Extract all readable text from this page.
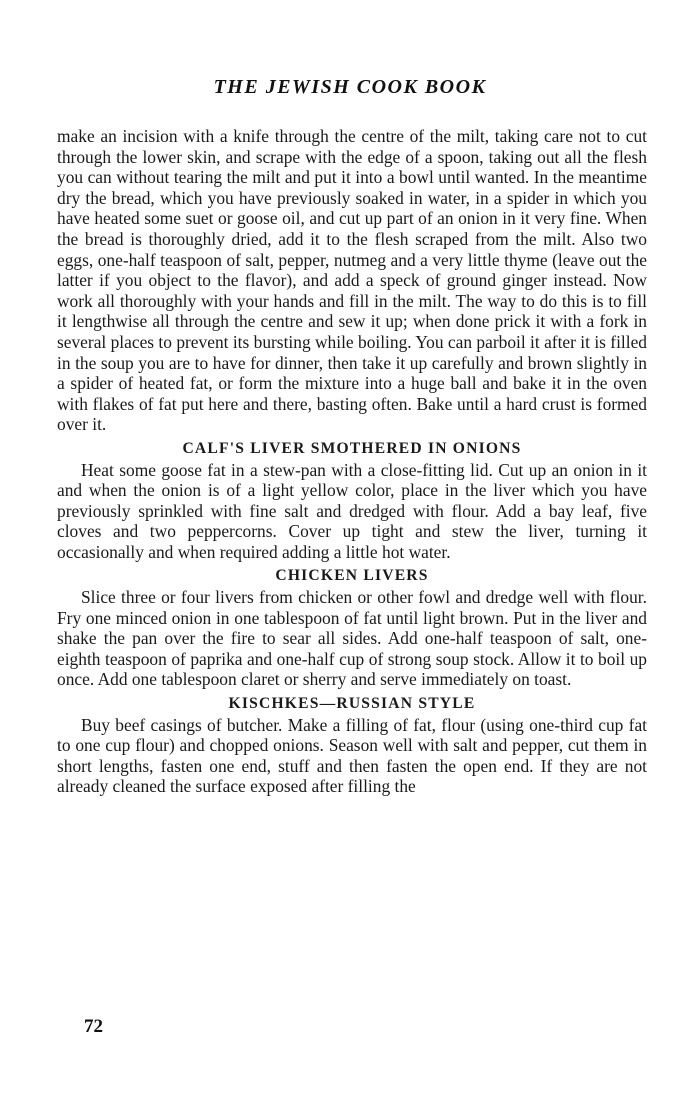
THE JEWISH COOK BOOK

make an incision with a knife through the centre of the milt, taking care not to cut through the lower skin, and scrape with the edge of a spoon, taking out all the flesh you can without tearing the milt and put it into a bowl until wanted. In the meantime dry the bread, which you have previously soaked in water, in a spider in which you have heated some suet or goose oil, and cut up part of an onion in it very fine. When the bread is thoroughly dried, add it to the flesh scraped from the milt. Also two eggs, one-half teaspoon of salt, pepper, nutmeg and a very little thyme (leave out the latter if you object to the flavor), and add a speck of ground ginger instead. Now work all thoroughly with your hands and fill in the milt. The way to do this is to fill it lengthwise all through the centre and sew it up; when done prick it with a fork in several places to prevent its bursting while boiling. You can parboil it after it is filled in the soup you are to have for dinner, then take it up carefully and brown slightly in a spider of heated fat, or form the mixture into a huge ball and bake it in the oven with flakes of fat put here and there, basting often. Bake until a hard crust is formed over it.

CALF'S LIVER SMOTHERED IN ONIONS

Heat some goose fat in a stew-pan with a close-fitting lid. Cut up an onion in it and when the onion is of a light yellow color, place in the liver which you have previously sprinkled with fine salt and dredged with flour. Add a bay leaf, five cloves and two peppercorns. Cover up tight and stew the liver, turning it occasionally and when required adding a little hot water.

CHICKEN LIVERS

Slice three or four livers from chicken or other fowl and dredge well with flour. Fry one minced onion in one tablespoon of fat until light brown. Put in the liver and shake the pan over the fire to sear all sides. Add one-half teaspoon of salt, one-eighth teaspoon of paprika and one-half cup of strong soup stock. Allow it to boil up once. Add one tablespoon claret or sherry and serve immediately on toast.

KISCHKES—RUSSIAN STYLE

Buy beef casings of butcher. Make a filling of fat, flour (using one-third cup fat to one cup flour) and chopped onions. Season well with salt and pepper, cut them in short lengths, fasten one end, stuff and then fasten the open end. If they are not already cleaned the surface exposed after filling the

72
